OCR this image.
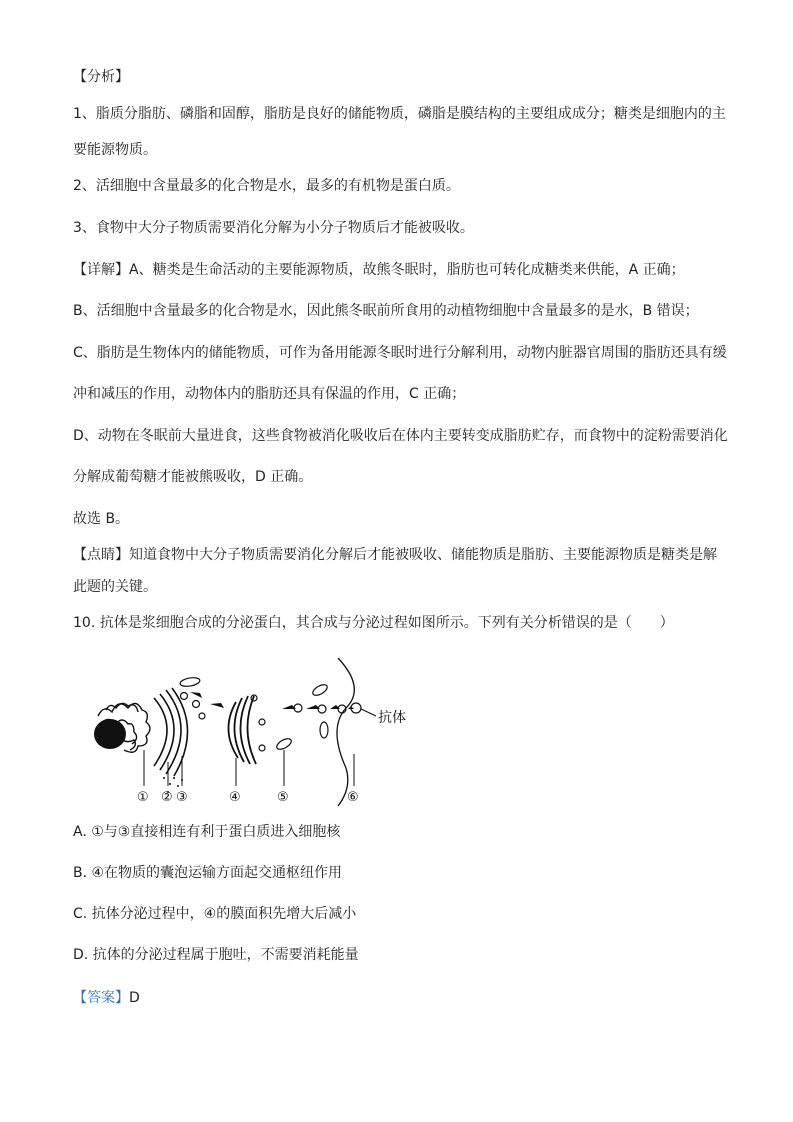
【分析】

1、脂质分脂肪、磷脂和固醇，脂肪是良好的储能物质，磷脂是膜结构的主要组成成分；糖类是细胞内的主

要能源物质。

2、活细胞中含量最多的化合物是水，最多的有机物是蛋白质。

3、食物中大分子物质需要消化分解为小分子物质后才能被吸收。

【详解】A、糖类是生命活动的主要能源物质，故熊冬眠时，脂肪也可转化成糖类来供能，A 正确；

B、活细胞中含量最多的化合物是水，因此熊冬眠前所食用的动植物细胞中含量最多的是水，B 错误；

C、脂肪是生物体内的储能物质，可作为备用能源冬眠时进行分解利用，动物内脏器官周围的脂肪还具有缓

冲和减压的作用，动物体内的脂肪还具有保温的作用，C 正确；

D、动物在冬眠前大量进食，这些食物被消化吸收后在体内主要转变成脂肪贮存，而食物中的淀粉需要消化

分解成葡萄糖才能被熊吸收，D 正确。

故选 B。

【点睛】知道食物中大分子物质需要消化分解后才能被吸收、储能物质是脂肪、主要能源物质是糖类是解

此题的关键。

10. 抗体是浆细胞合成的分泌蛋白，其合成与分泌过程如图所示。下列有关分析错误的是（　　）

抗体
① ② ③	④	⑤	⑥

A. ①与③直接相连有利于蛋白质进入细胞核

B. ④在物质的囊泡运输方面起交通枢纽作用

C. 抗体分泌过程中，④的膜面积先增大后减小

D. 抗体的分泌过程属于胞吐，不需要消耗能量

【答案】D
